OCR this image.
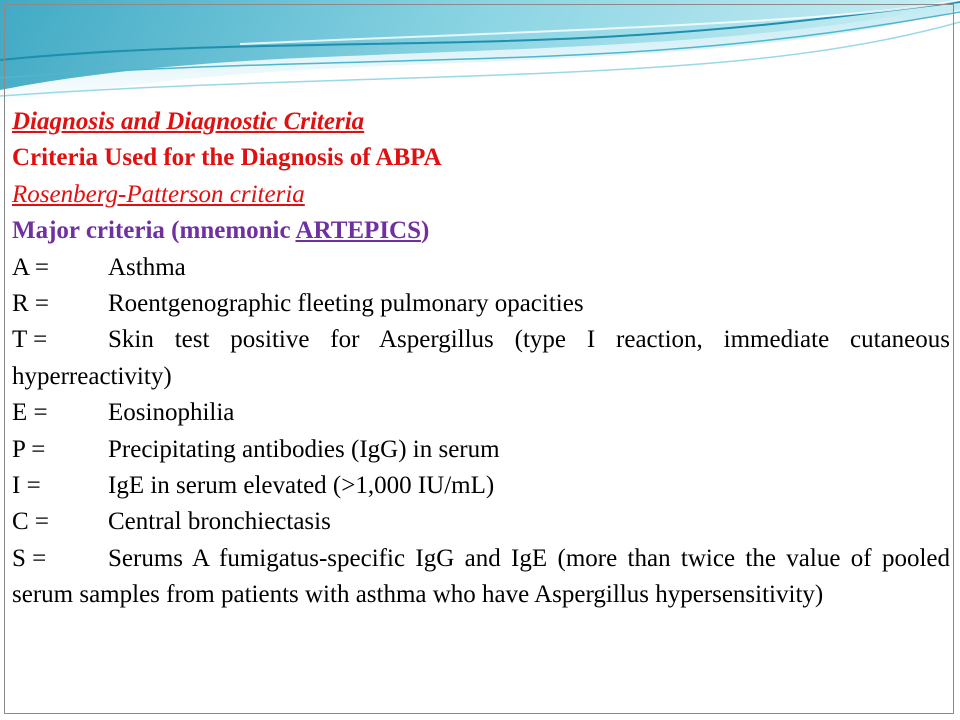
Diagnosis and Diagnostic Criteria
Criteria Used for the Diagnosis of ABPA
Rosenberg-Patterson criteria
Major criteria (mnemonic ARTEPICS)
A = Asthma
R = Roentgenographic fleeting pulmonary opacities
T = Skin test positive for Aspergillus (type I reaction, immediate cutaneous hyperreactivity)
E = Eosinophilia
P =	Precipitating antibodies (IgG) in serum
I =	IgE in serum elevated (>1,000 IU/mL)
C = Central bronchiectasis
S = Serums A fumigatus-specific IgG and IgE (more than twice the value of pooled serum samples from patients with asthma who have Aspergillus hypersensitivity)
